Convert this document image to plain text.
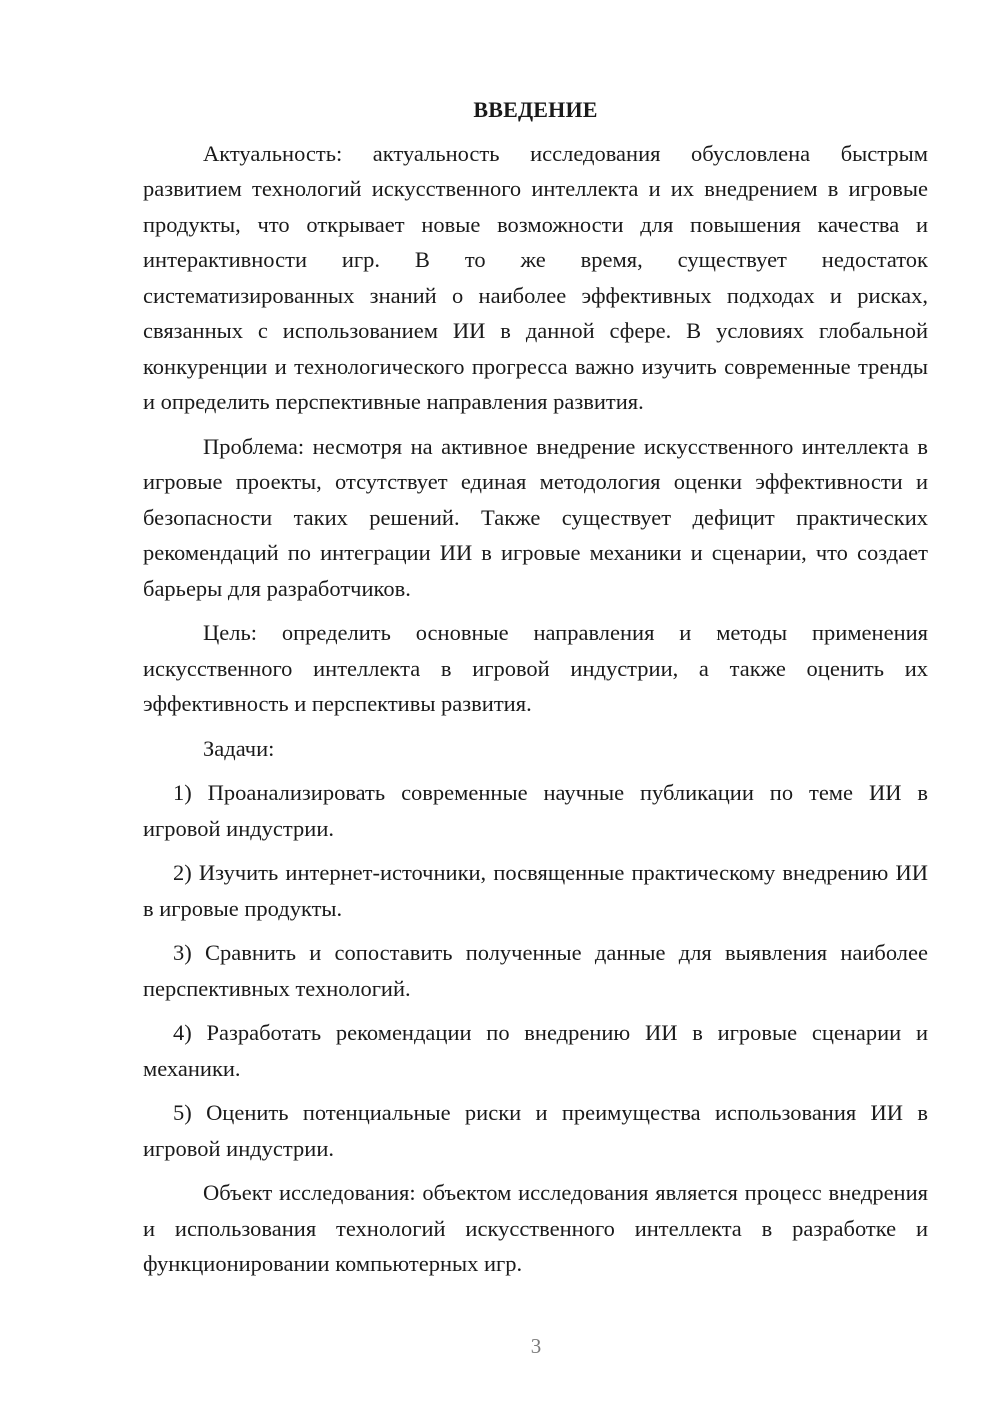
ВВЕДЕНИЕ

Актуальность: актуальность исследования обусловлена быстрым развитием технологий искусственного интеллекта и их внедрением в игровые продукты, что открывает новые возможности для повышения качества и интерактивности игр. В то же время, существует недостаток систематизированных знаний о наиболее эффективных подходах и рисках, связанных с использованием ИИ в данной сфере. В условиях глобальной конкуренции и технологического прогресса важно изучить современные тренды и определить перспективные направления развития.

Проблема: несмотря на активное внедрение искусственного интеллекта в игровые проекты, отсутствует единая методология оценки эффективности и безопасности таких решений. Также существует дефицит практических рекомендаций по интеграции ИИ в игровые механики и сценарии, что создает барьеры для разработчиков.

Цель: определить основные направления и методы применения искусственного интеллекта в игровой индустрии, а также оценить их эффективность и перспективы развития.

Задачи:

1) Проанализировать современные научные публикации по теме ИИ в игровой индустрии.

2) Изучить интернет-источники, посвященные практическому внедрению ИИ в игровые продукты.

3) Сравнить и сопоставить полученные данные для выявления наиболее перспективных технологий.

4) Разработать рекомендации по внедрению ИИ в игровые сценарии и механики.

5) Оценить потенциальные риски и преимущества использования ИИ в игровой индустрии.

Объект исследования: объектом исследования является процесс внедрения и использования технологий искусственного интеллекта в разработке и функционировании компьютерных игр.

3
